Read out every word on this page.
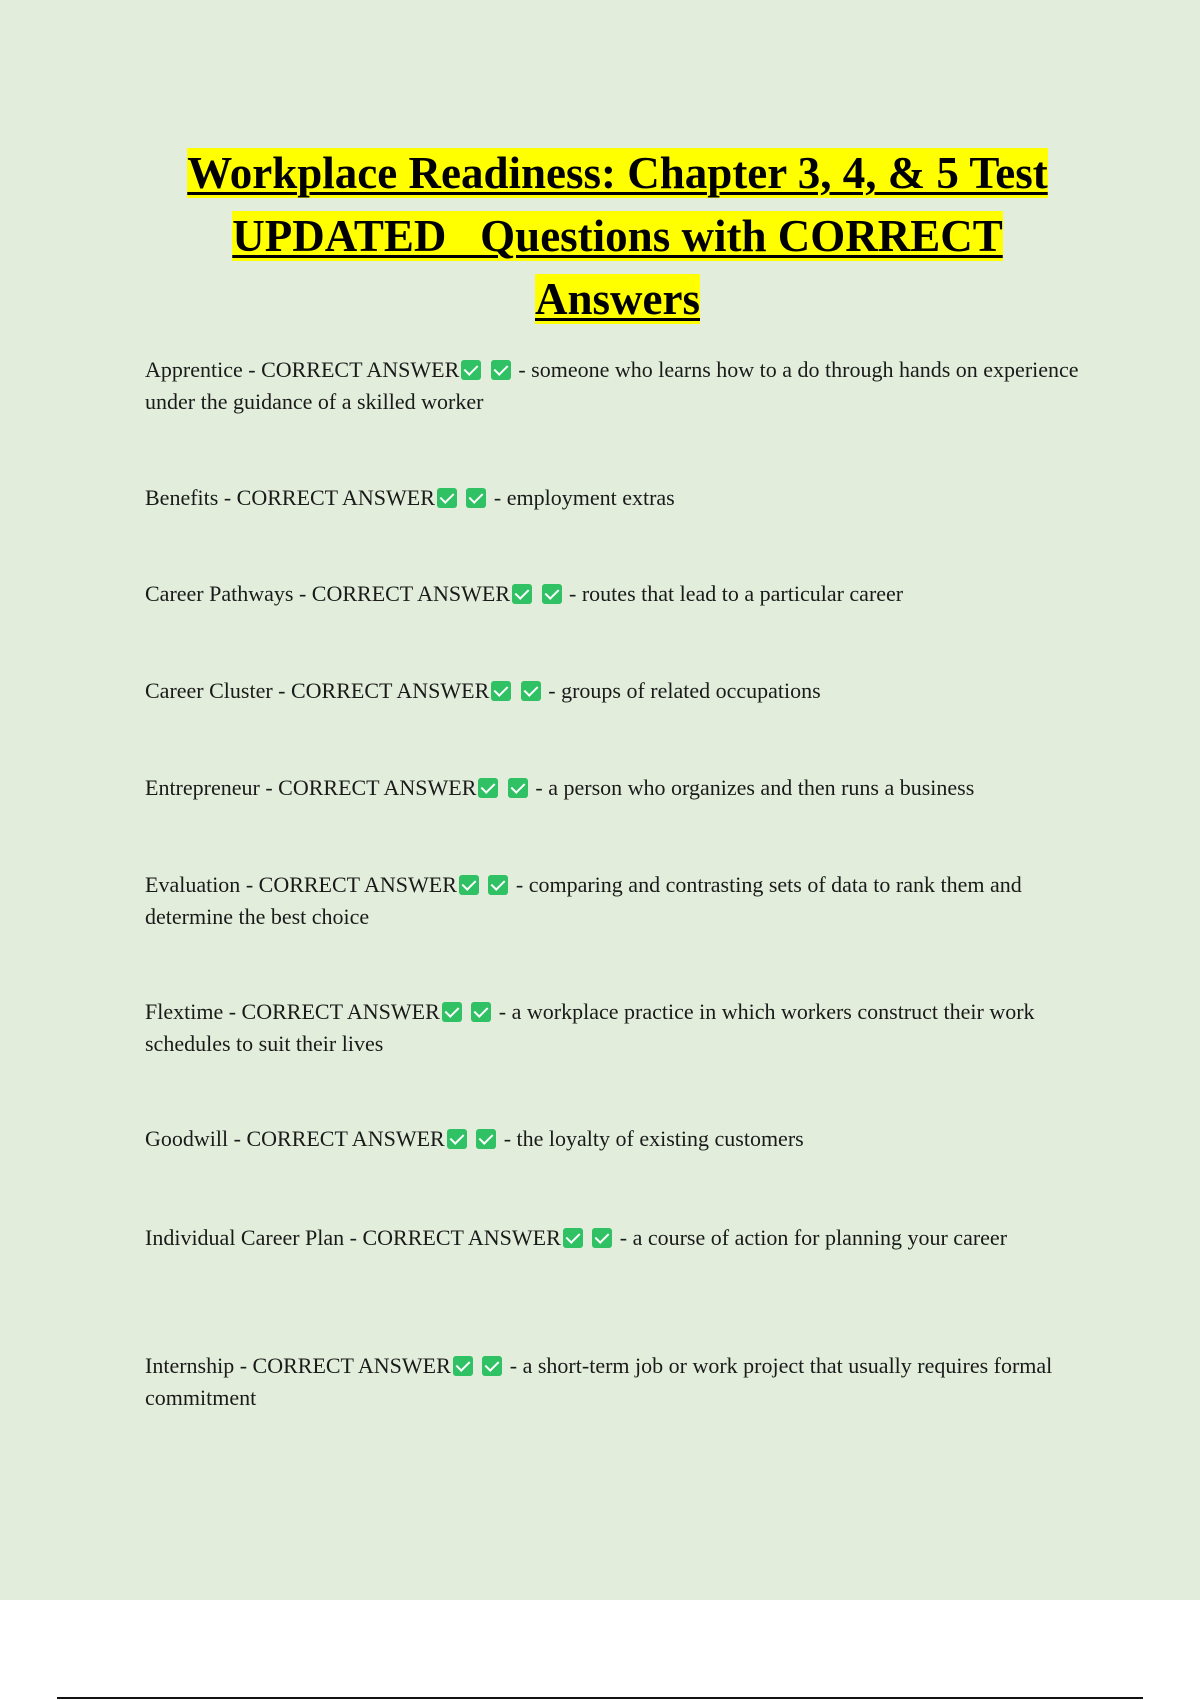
Workplace Readiness: Chapter 3, 4, & 5 Test
UPDATED   Questions with CORRECT
Answers

Apprentice - CORRECT ANSWER  - someone who learns how to a do through hands on experience under the guidance of a skilled worker

Benefits - CORRECT ANSWER  - employment extras

Career Pathways - CORRECT ANSWER  - routes that lead to a particular career

Career Cluster - CORRECT ANSWER  - groups of related occupations

Entrepreneur - CORRECT ANSWER  - a person who organizes and then runs a business

Evaluation - CORRECT ANSWER  - comparing and contrasting sets of data to rank them and determine the best choice

Flextime - CORRECT ANSWER  - a workplace practice in which workers construct their work schedules to suit their lives

Goodwill - CORRECT ANSWER  - the loyalty of existing customers

Individual Career Plan - CORRECT ANSWER  - a course of action for planning your career

Internship - CORRECT ANSWER  - a short-term job or work project that usually requires formal commitment
